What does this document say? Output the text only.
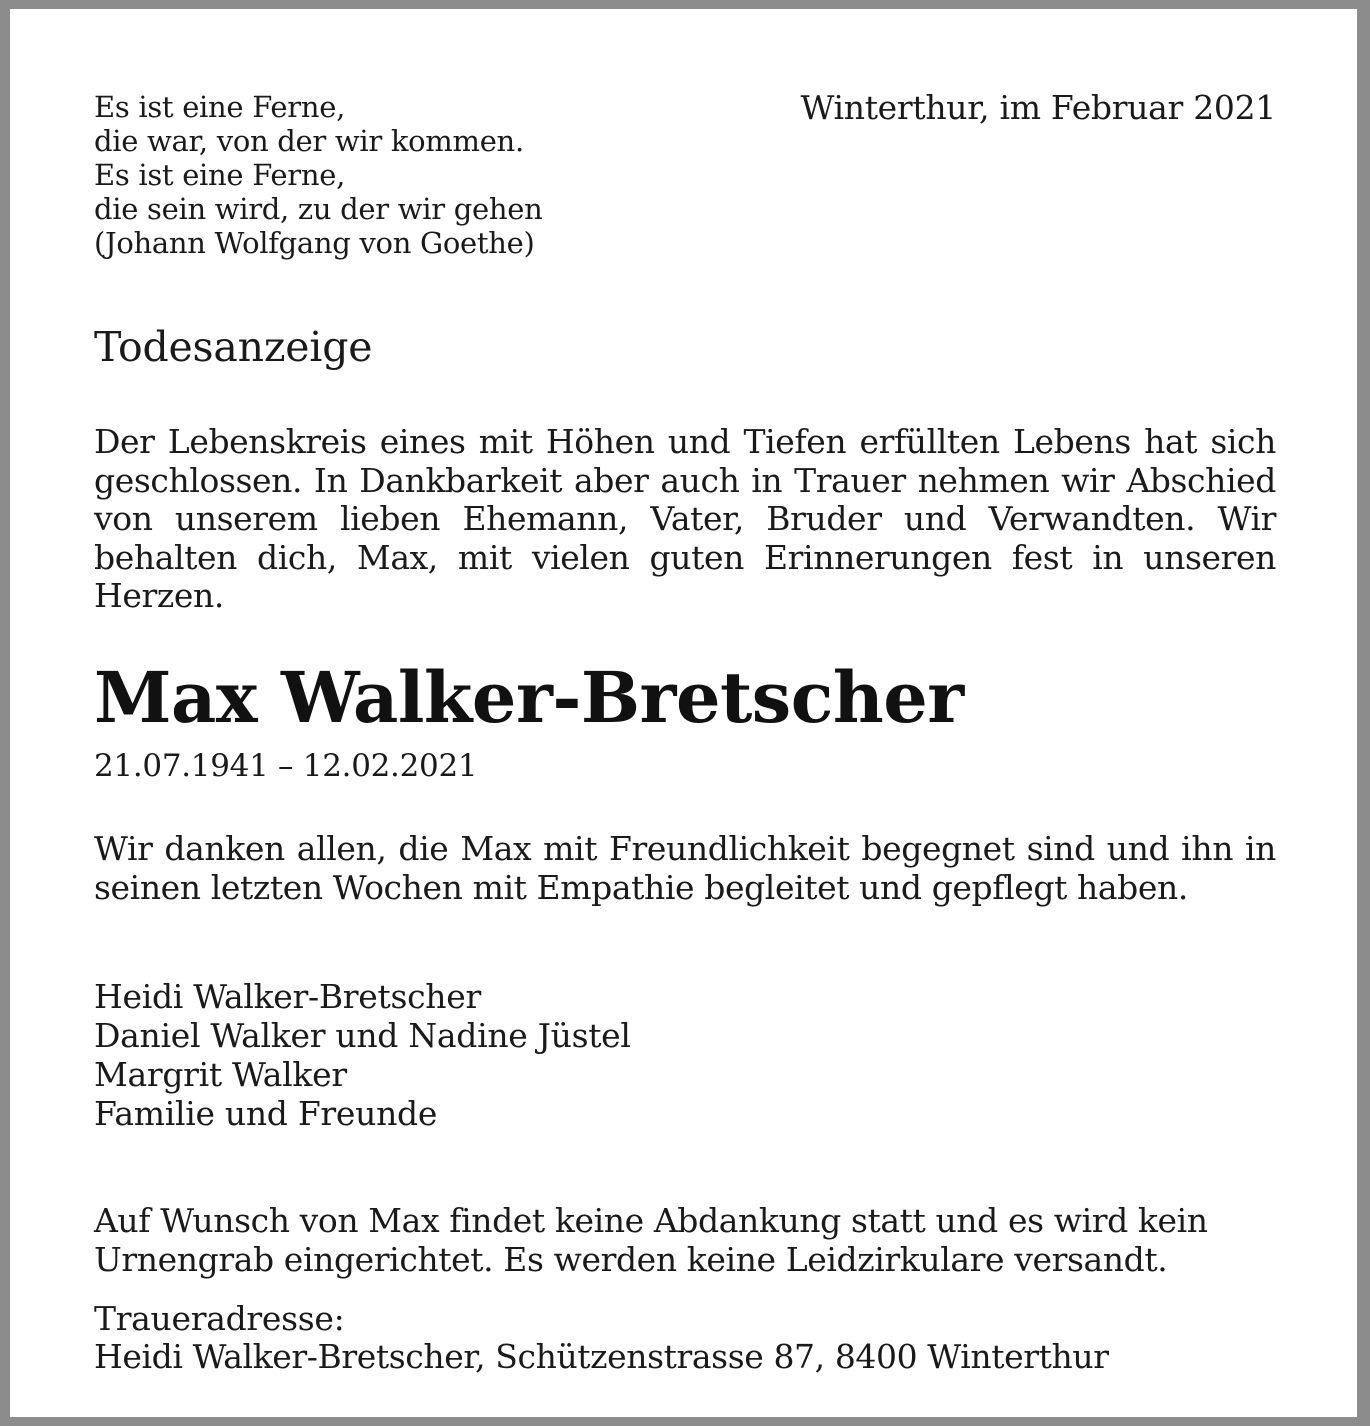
Es ist eine Ferne,
die war, von der wir kommen.
Es ist eine Ferne,
die sein wird, zu der wir gehen
(Johann Wolfgang von Goethe)
Winterthur, im Februar 2021
Todesanzeige

Der Lebenskreis eines mit Höhen und Tiefen erfüllten Lebens hat sich geschlossen. In Dankbarkeit aber auch in Trauer nehmen wir Abschied von unserem lieben Ehemann, Vater, Bruder und Verwandten. Wir behalten dich, Max, mit vielen guten Erinnerungen fest in unseren Herzen.

Max Walker-Bretscher
21.07.1941 – 12.02.2021

Wir danken allen, die Max mit Freundlichkeit begegnet sind und ihn in seinen letzten Wochen mit Empathie begleitet und gepflegt haben.

Heidi Walker-Bretscher
Daniel Walker und Nadine Jüstel
Margrit Walker
Familie und Freunde

Auf Wunsch von Max findet keine Abdankung statt und es wird kein Urnengrab eingerichtet. Es werden keine Leidzirkulare versandt.

Traueradresse:
Heidi Walker-Bretscher, Schützenstrasse 87, 8400 Winterthur
